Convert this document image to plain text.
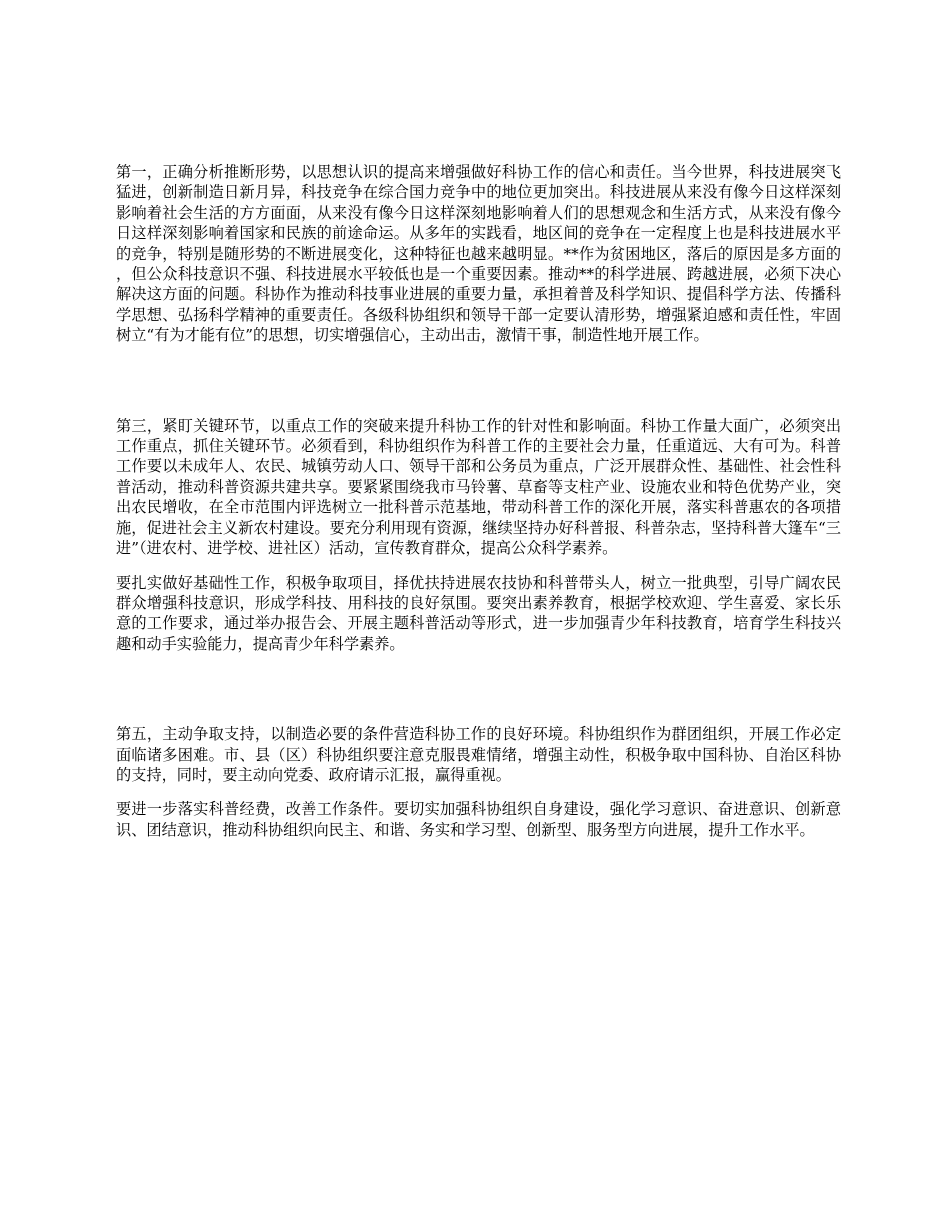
第一，正确分析推断形势，以思想认识的提高来增强做好科协工作的信心和责任。当今世界，科技进展突飞猛进，创新制造日新月异，科技竞争在综合国力竞争中的地位更加突出。科技进展从来没有像今日这样深刻影响着社会生活的方方面面，从来没有像今日这样深刻地影响着人们的思想观念和生活方式，从来没有像今日这样深刻影响着国家和民族的前途命运。从多年的实践看，地区间的竞争在一定程度上也是科技进展水平的竞争，特别是随形势的不断进展变化，这种特征也越来越明显。**作为贫困地区，落后的原因是多方面的，但公众科技意识不强、科技进展水平较低也是一个重要因素。推动**的科学进展、跨越进展，必须下决心解决这方面的问题。科协作为推动科技事业进展的重要力量，承担着普及科学知识、提倡科学方法、传播科学思想、弘扬科学精神的重要责任。各级科协组织和领导干部一定要认清形势，增强紧迫感和责任性，牢固树立“有为才能有位”的思想，切实增强信心，主动出击，激情干事，制造性地开展工作。

第三，紧盯关键环节，以重点工作的突破来提升科协工作的针对性和影响面。科协工作量大面广，必须突出工作重点，抓住关键环节。必须看到，科协组织作为科普工作的主要社会力量，任重道远、大有可为。科普工作要以未成年人、农民、城镇劳动人口、领导干部和公务员为重点，广泛开展群众性、基础性、社会性科普活动，推动科普资源共建共享。要紧紧围绕我市马铃薯、草畜等支柱产业、设施农业和特色优势产业，突出农民增收，在全市范围内评选树立一批科普示范基地，带动科普工作的深化开展，落实科普惠农的各项措施，促进社会主义新农村建设。要充分利用现有资源，继续坚持办好科普报、科普杂志，坚持科普大篷车“三进”（进农村、进学校、进社区）活动，宣传教育群众，提高公众科学素养。

要扎实做好基础性工作，积极争取项目，择优扶持进展农技协和科普带头人，树立一批典型，引导广阔农民群众增强科技意识，形成学科技、用科技的良好氛围。要突出素养教育，根据学校欢迎、学生喜爱、家长乐意的工作要求，通过举办报告会、开展主题科普活动等形式，进一步加强青少年科技教育，培育学生科技兴趣和动手实验能力，提高青少年科学素养。

第五，主动争取支持，以制造必要的条件营造科协工作的良好环境。科协组织作为群团组织，开展工作必定面临诸多困难。市、县（区）科协组织要注意克服畏难情绪，增强主动性，积极争取中国科协、自治区科协的支持，同时，要主动向党委、政府请示汇报，赢得重视。

要进一步落实科普经费，改善工作条件。要切实加强科协组织自身建设，强化学习意识、奋进意识、创新意识、团结意识，推动科协组织向民主、和谐、务实和学习型、创新型、服务型方向进展，提升工作水平。
